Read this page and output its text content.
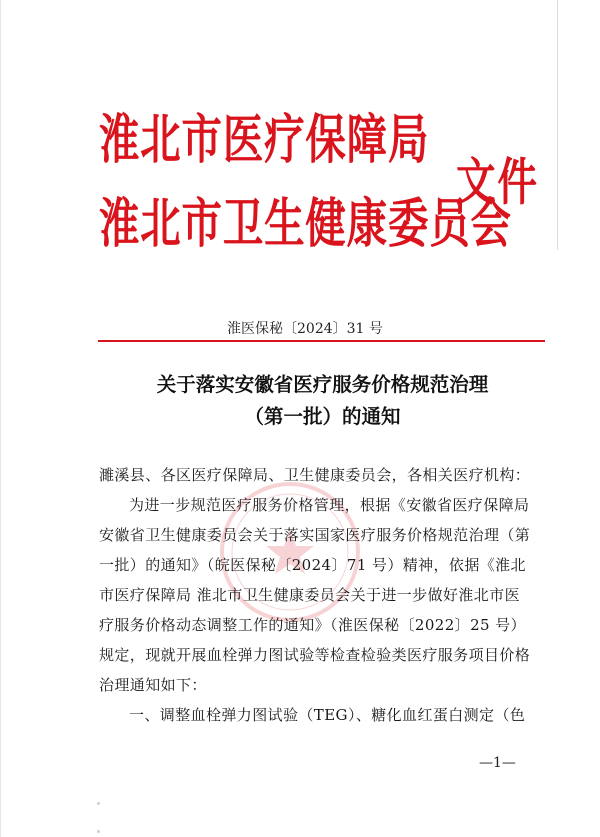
淮北市医疗保障局
淮北市卫生健康委员会
文件
淮医保秘〔2024〕31 号
关于落实安徽省医疗服务价格规范治理
（第一批）的通知
濉溪县、各区医疗保障局、卫生健康委员会，各相关医疗机构：
为进一步规范医疗服务价格管理，根据《安徽省医疗保障局
安徽省卫生健康委员会关于落实国家医疗服务价格规范治理（第
一批）的通知》（皖医保秘〔2024〕71 号）精神，依据《淮北
市医疗保障局 淮北市卫生健康委员会关于进一步做好淮北市医
疗服务价格动态调整工作的通知》（淮医保秘〔2022〕25 号）
规定，现就开展血栓弹力图试验等检查检验类医疗服务项目价格
治理通知如下：
一、调整血栓弹力图试验（TEG）、糖化血红蛋白测定（色
—1—
